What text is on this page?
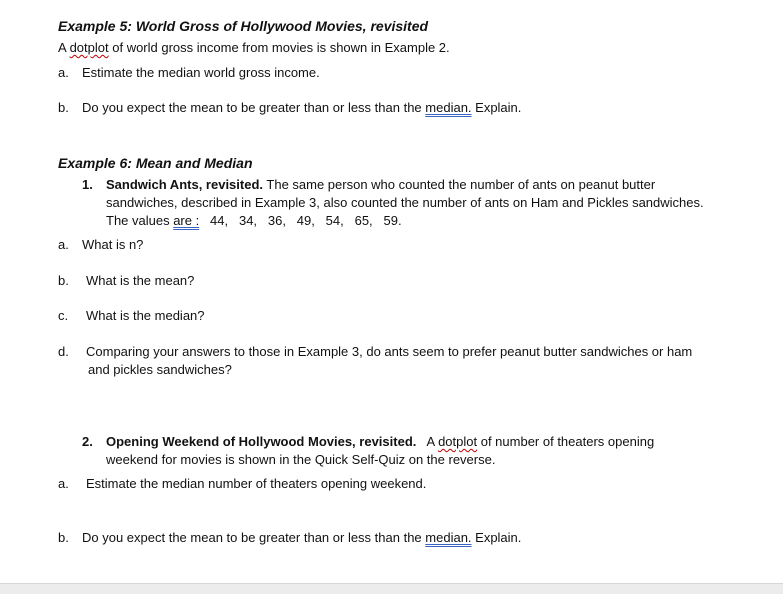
Example 5: World Gross of Hollywood Movies, revisited
A dotplot of world gross income from movies is shown in Example 2.
a. Estimate the median world gross income.
b. Do you expect the mean to be greater than or less than the median. Explain.
Example 6: Mean and Median
1. Sandwich Ants, revisited. The same person who counted the number of ants on peanut butter
sandwiches, described in Example 3, also counted the number of ants on Ham and Pickles sandwiches.
The values are :   44,   34,   36,   49,   54,   65,   59.
a. What is n?
b. What is the mean?
c. What is the median?
d. Comparing your answers to those in Example 3, do ants seem to prefer peanut butter sandwiches or ham
and pickles sandwiches?
2. Opening Weekend of Hollywood Movies, revisited.   A dotplot of number of theaters opening
weekend for movies is shown in the Quick Self-Quiz on the reverse.
a. Estimate the median number of theaters opening weekend.
b. Do you expect the mean to be greater than or less than the median. Explain.
